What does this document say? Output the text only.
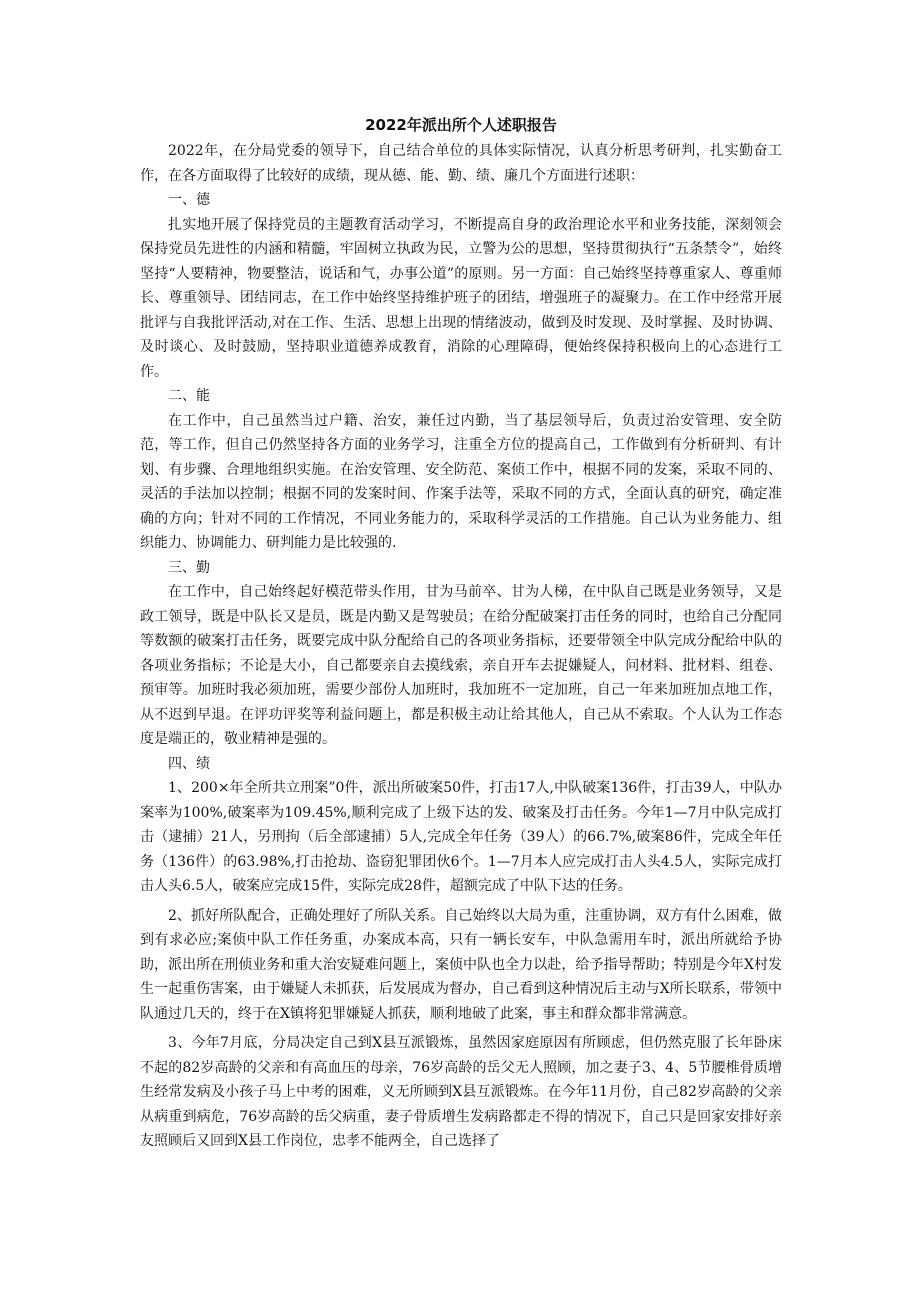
2022年派出所个人述职报告

2022年，在分局党委的领导下，自己结合单位的具体实际情况，认真分析思考研判，扎实勤奋工作，在各方面取得了比较好的成绩，现从德、能、勤、绩、廉几个方面进行述职：

一、德

扎实地开展了保持党员的主题教育活动学习，不断提高自身的政治理论水平和业务技能，深刻领会保持党员先进性的内涵和精髓，牢固树立执政为民，立警为公的思想，坚持贯彻执行“五条禁令”，始终坚持“人要精神，物要整洁，说话和气，办事公道”的原则。另一方面：自己始终坚持尊重家人、尊重师长、尊重领导、团结同志，在工作中始终坚持维护班子的团结，增强班子的凝聚力。在工作中经常开展批评与自我批评活动,对在工作、生活、思想上出现的情绪波动，做到及时发现、及时掌握、及时协调、及时谈心、及时鼓励，坚持职业道德养成教育，消除的心理障碍，便始终保持积极向上的心态进行工作。

二、能

在工作中，自己虽然当过户籍、治安，兼任过内勤，当了基层领导后，负责过治安管理、安全防范，等工作，但自己仍然坚持各方面的业务学习，注重全方位的提高自己，工作做到有分析研判、有计划、有步骤、合理地组织实施。在治安管理、安全防范、案侦工作中，根据不同的发案，采取不同的、灵活的手法加以控制；根据不同的发案时间、作案手法等，采取不同的方式，全面认真的研究，确定准确的方向；针对不同的工作情况，不同业务能力的，采取科学灵活的工作措施。自己认为业务能力、组织能力、协调能力、研判能力是比较强的.

三、勤

在工作中，自己始终起好模范带头作用，甘为马前卒、甘为人梯，在中队自己既是业务领导，又是政工领导，既是中队长又是员，既是内勤又是驾驶员；在给分配破案打击任务的同时，也给自己分配同等数额的破案打击任务，既要完成中队分配给自己的各项业务指标，还要带领全中队完成分配给中队的各项业务指标；不论是大小，自己都要亲自去摸线索，亲自开车去捉嫌疑人，问材料、批材料、组卷、预审等。加班时我必须加班，需要少部份人加班时，我加班不一定加班，自己一年来加班加点地工作，从不迟到早退。在评功评奖等利益问题上，都是积极主动让给其他人，自己从不索取。个人认为工作态度是端正的，敬业精神是强的。

四、绩

1、200×年全所共立刑案”0件，派出所破案50件，打击17人,中队破案136件，打击39人，中队办案率为100%,破案率为109.45%,顺利完成了上级下达的发、破案及打击任务。今年1—7月中队完成打击（逮捕）21人，另刑拘（后全部逮捕）5人,完成全年任务（39人）的66.7%,破案86件，完成全年任务（136件）的63.98%,打击抢劫、盗窃犯罪团伙6个。1—7月本人应完成打击人头4.5人，实际完成打击人头6.5人，破案应完成15件，实际完成28件，超额完成了中队下达的任务。

2、抓好所队配合，正确处理好了所队关系。自己始终以大局为重，注重协调，双方有什么困难，做到有求必应;案侦中队工作任务重，办案成本高，只有一辆长安车，中队急需用车时，派出所就给予协助，派出所在刑侦业务和重大治安疑难问题上，案侦中队也全力以赴，给予指导帮助；特别是今年X村发生一起重伤害案，由于嫌疑人未抓获，后发展成为督办，自己看到这种情况后主动与X所长联系，带领中队通过几天的，终于在X镇将犯罪嫌疑人抓获，顺利地破了此案，事主和群众都非常满意。

3、今年7月底，分局决定自己到X县互派锻炼，虽然因家庭原因有所顾虑，但仍然克服了长年卧床不起的82岁高龄的父亲和有高血压的母亲，76岁高龄的岳父无人照顾，加之妻子3、4、5节腰椎骨质增生经常发病及小孩子马上中考的困难，义无所顾到X县互派锻炼。在今年11月份，自己82岁高龄的父亲从病重到病危，76岁高龄的岳父病重，妻子骨质增生发病路都走不得的情况下，自己只是回家安排好亲友照顾后又回到X县工作岗位，忠孝不能两全，自己选择了
